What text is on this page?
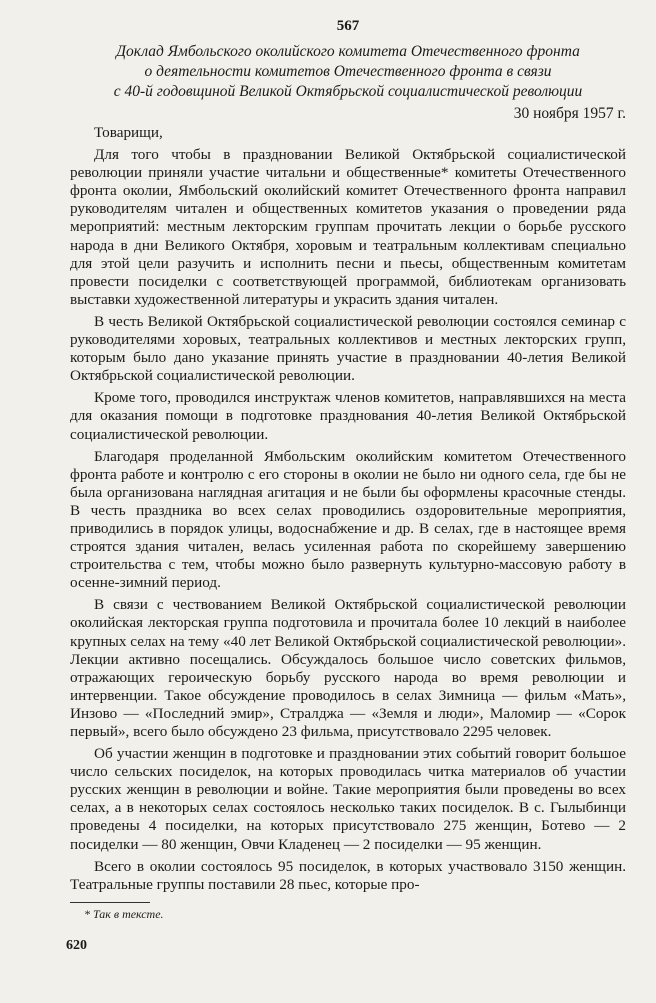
567

Доклад Ямбольского околийского комитета Отечественного фронта

о деятельности комитетов Отечественного фронта в связи

с 40-й годовщиной Великой Октябрьской социалистической революции

30 ноября 1957 г.

Товарищи,

Для того чтобы в праздновании Великой Октябрьской социалистической революции приняли участие читальни и общественные* комитеты Отечественного фронта околии, Ямбольский околийский комитет Отечественного фронта направил руководителям читален и общественных комитетов указания о проведении ряда мероприятий: местным лекторским группам прочитать лекции о борьбе русского народа в дни Великого Октября, хоровым и театральным коллективам специально для этой цели разучить и исполнить песни и пьесы, общественным комитетам провести посиделки с соответствующей программой, библиотекам организовать выставки художественной литературы и украсить здания читален.

В честь Великой Октябрьской социалистической революции состоялся семинар с руководителями хоровых, театральных коллективов и местных лекторских групп, которым было дано указание принять участие в праздновании 40-летия Великой Октябрьской социалистической революции.

Кроме того, проводился инструктаж членов комитетов, направлявшихся на места для оказания помощи в подготовке празднования 40-летия Великой Октябрьской социалистической революции.

Благодаря проделанной Ямбольским околийским комитетом Отечественного фронта работе и контролю с его стороны в околии не было ни одного села, где бы не была организована наглядная агитация и не были бы оформлены красочные стенды. В честь праздника во всех селах проводились оздоровительные мероприятия, приводились в порядок улицы, водоснабжение и др. В селах, где в настоящее время строятся здания читален, велась усиленная работа по скорейшему завершению строительства с тем, чтобы можно было развернуть культурно-массовую работу в осенне-зимний период.

В связи с чествованием Великой Октябрьской социалистической революции околийская лекторская группа подготовила и прочитала более 10 лекций в наиболее крупных селах на тему «40 лет Великой Октябрьской социалистической революции». Лекции активно посещались. Обсуждалось большое число советских фильмов, отражающих героическую борьбу русского народа во время революции и интервенции. Такое обсуждение проводилось в селах Зимница — фильм «Мать», Инзово — «Последний эмир», Стралджа — «Земля и люди», Маломир — «Сорок первый», всего было обсуждено 23 фильма, присутствовало 2295 человек.

Об участии женщин в подготовке и праздновании этих событий говорит большое число сельских посиделок, на которых проводилась читка материалов об участии русских женщин в революции и войне. Такие мероприятия были проведены во всех селах, а в некоторых селах состоялось несколько таких посиделок. В с. Гылыбинци проведены 4 посиделки, на которых присутствовало 275 женщин, Ботево — 2 посиделки — 80 женщин, Овчи Кладенец — 2 посиделки — 95 женщин.

Всего в околии состоялось 95 посиделок, в которых участвовало 3150 женщин. Театральные группы поставили 28 пьес, которые про-

* Так в тексте.
620
